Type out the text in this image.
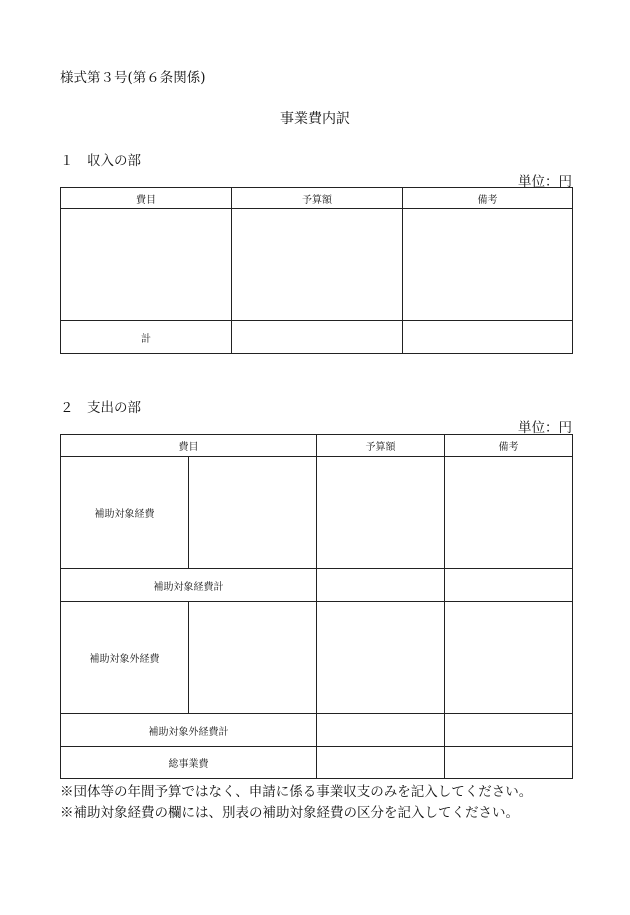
様式第３号(第６条関係)
事業費内訳
１　収入の部
単位：円
費目	予算額	備考

計		
２　支出の部
単位：円
費目		予算額	備考
補助対象経費			
補助対象経費計			
補助対象外経費			
補助対象外経費計			
総事業費			
※団体等の年間予算ではなく、申請に係る事業収支のみを記入してください。
※補助対象経費の欄には、別表の補助対象経費の区分を記入してください。
